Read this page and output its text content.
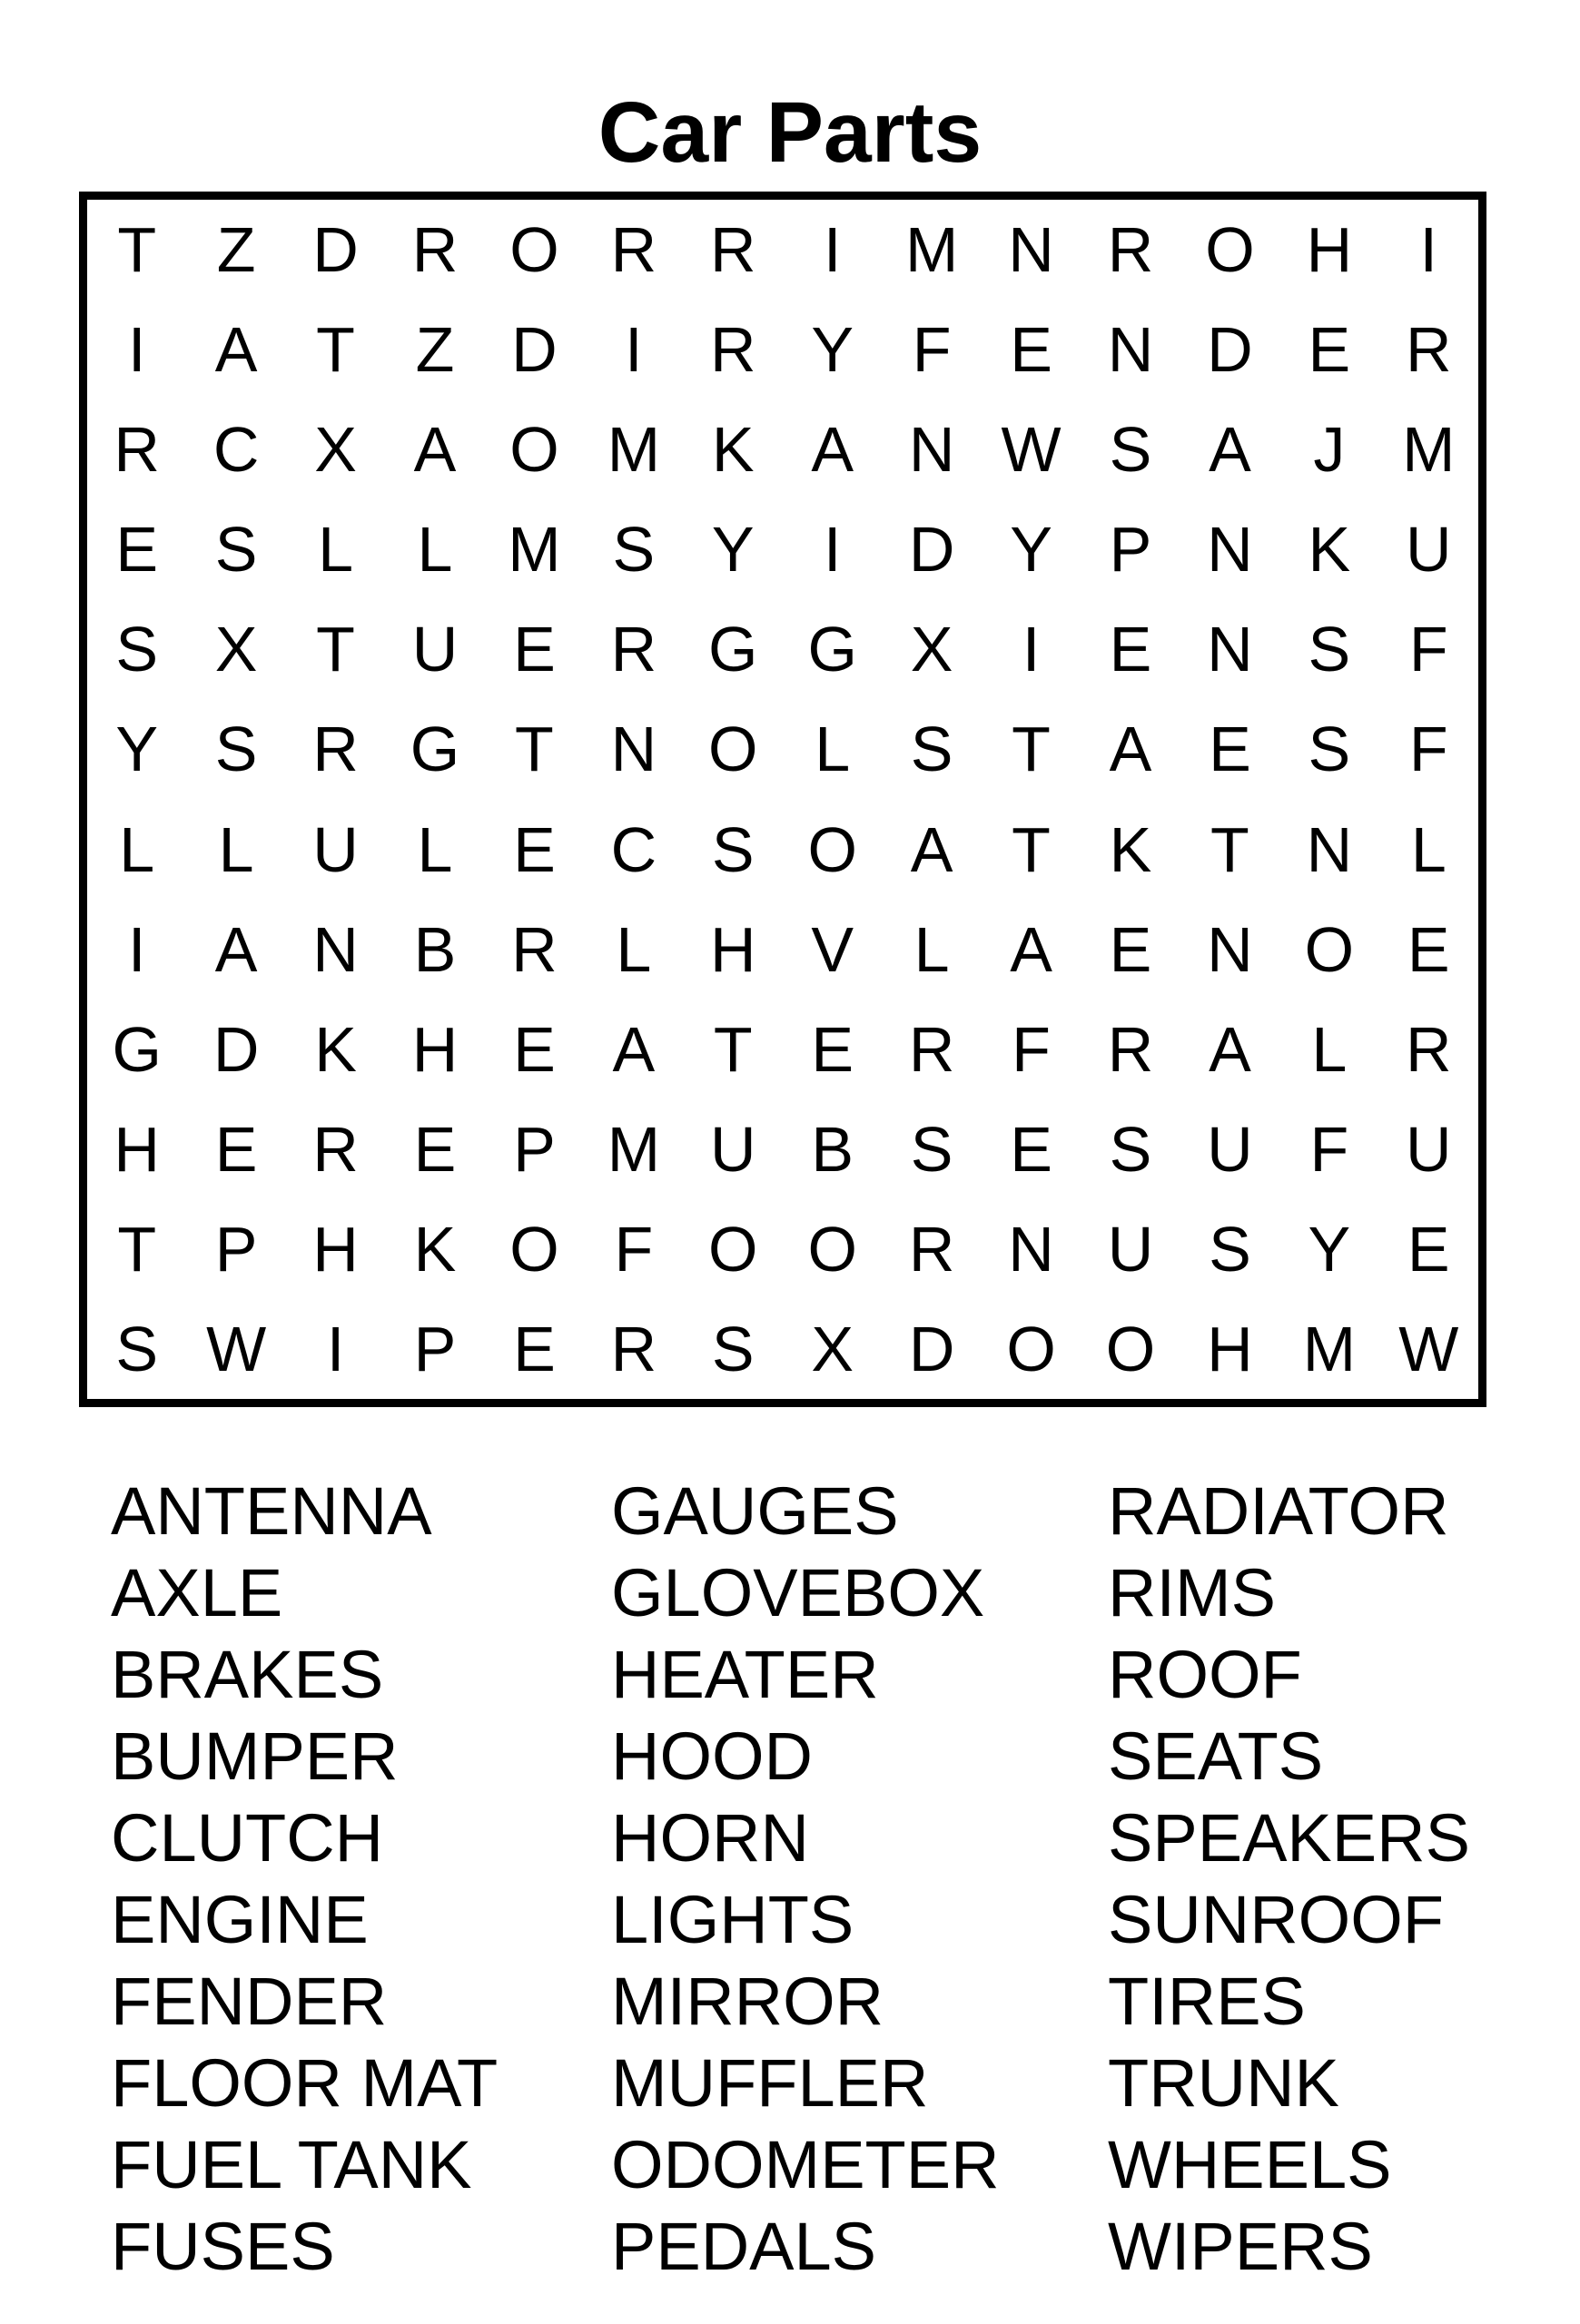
Car Parts
T Z D R O R R	I	M N R O H	I
I	A T Z D	I	R Y F E N D E R
R C X A O M K A N W S A J M
E S L	L M S Y	I	D Y P N K U
S X T U E R G G X	I	E N S F
Y S R G T N O L S T A E S F
L	L U L E C S O A T K T N L
I	A N B R L H V L A E N O E
G D K H E A T E R F R A L R
H E R E P M U B S E S U F U
T P H K O F O O R N U S Y E
S W I	P E R S X D O O H M W
ANTENNA
AXLE
BRAKES
BUMPER
CLUTCH
ENGINE
FENDER
FLOOR MAT
FUEL TANK
FUSES
GAUGES
GLOVEBOX
HEATER
HOOD
HORN
LIGHTS
MIRROR
MUFFLER
ODOMETER
PEDALS
RADIATOR
RIMS
ROOF
SEATS
SPEAKERS
SUNROOF
TIRES
TRUNK
WHEELS
WIPERS
